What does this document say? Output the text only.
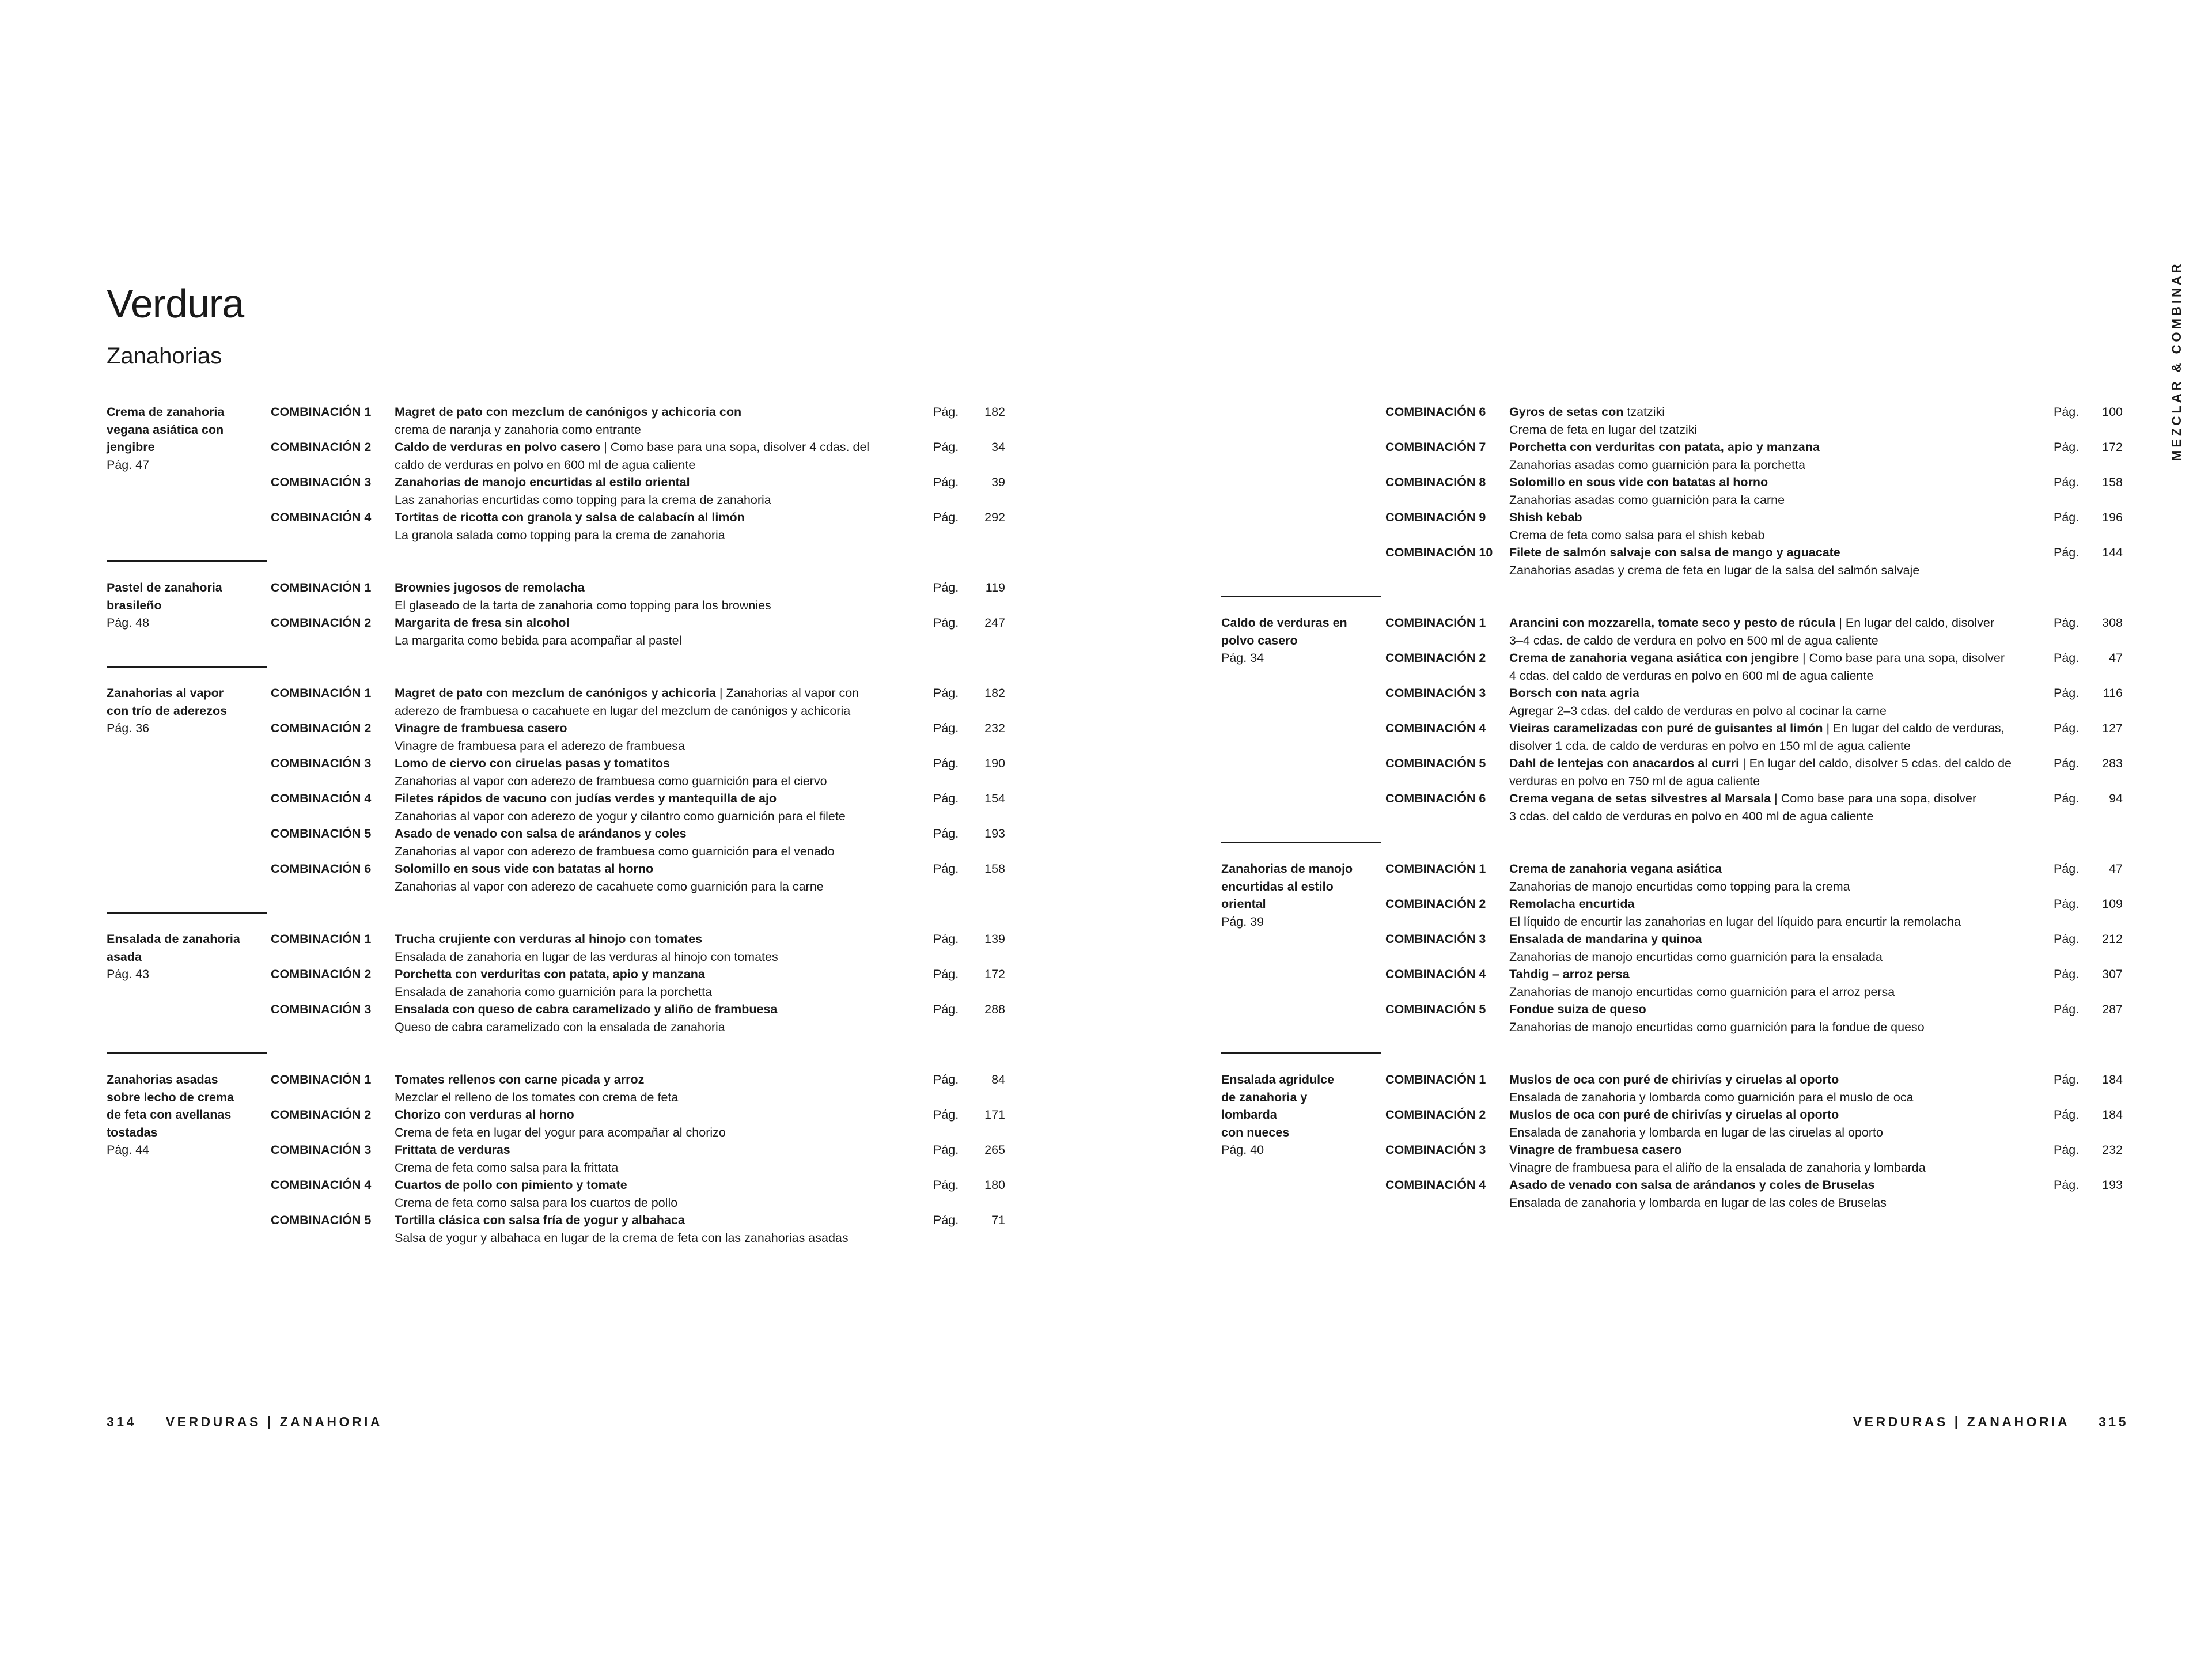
Verdura
Zanahorias	MEZCLAR & COMBINAR
Crema de zanahoria
vegana asiática con
jengibre
Pág. 47
COMBINACIÓN 1 Magret de pato con mezclum de canónigos y achicoria con
crema de naranja y zanahoria como entrante
Pág.	182
COMBINACIÓN 2 Caldo de verduras en polvo casero | Como base para una sopa, disolver 4 cdas. del
caldo de verduras en polvo en 600 ml de agua caliente
Pág.	34
COMBINACIÓN 3 Zanahorias de manojo encurtidas al estilo oriental
Las zanahorias encurtidas como topping para la crema de zanahoria
Pág.	39
COMBINACIÓN 4 Tortitas de ricotta con granola y salsa de calabacín al limón
La granola salada como topping para la crema de zanahoria
Pág.	292
Pastel de zanahoria
brasileño
Pág. 48
COMBINACIÓN 1 Brownies jugosos de remolacha
El glaseado de la tarta de zanahoria como topping para los brownies
Pág.	119
COMBINACIÓN 2 Margarita de fresa sin alcohol
La margarita como bebida para acompañar al pastel
Pág.	247
Zanahorias al vapor
con trío de aderezos
Pág. 36
COMBINACIÓN 1 Magret de pato con mezclum de canónigos y achicoria | Zanahorias al vapor con
aderezo de frambuesa o cacahuete en lugar del mezclum de canónigos y achicoria
Pág.	182
COMBINACIÓN 2 Vinagre de frambuesa casero
Vinagre de frambuesa para el aderezo de frambuesa
Pág.	232
COMBINACIÓN 3 Lomo de ciervo con ciruelas pasas y tomatitos
Zanahorias al vapor con aderezo de frambuesa como guarnición para el ciervo
Pág.	190
COMBINACIÓN 4 Filetes rápidos de vacuno con judías verdes y mantequilla de ajo
Zanahorias al vapor con aderezo de yogur y cilantro como guarnición para el filete
Pág.	154
COMBINACIÓN 5 Asado de venado con salsa de arándanos y coles
Zanahorias al vapor con aderezo de frambuesa como guarnición para el venado
Pág.	193
COMBINACIÓN 6 Solomillo en sous vide con batatas al horno
Zanahorias al vapor con aderezo de cacahuete como guarnición para la carne
Pág.	158
Ensalada de zanahoria
asada
Pág. 43
COMBINACIÓN 1 Trucha crujiente con verduras al hinojo con tomates
Ensalada de zanahoria en lugar de las verduras al hinojo con tomates
Pág.	139
COMBINACIÓN 2 Porchetta con verduritas con patata, apio y manzana
Ensalada de zanahoria como guarnición para la porchetta
Pág.	172
COMBINACIÓN 3 Ensalada con queso de cabra caramelizado y aliño de frambuesa
Queso de cabra caramelizado con la ensalada de zanahoria
Pág.	288
Zanahorias asadas
sobre lecho de crema
de feta con avellanas
tostadas
Pág. 44
COMBINACIÓN 1 Tomates rellenos con carne picada y arroz
Mezclar el relleno de los tomates con crema de feta
Pág.	84
COMBINACIÓN 2 Chorizo con verduras al horno
Crema de feta en lugar del yogur para acompañar al chorizo
Pág.	171
COMBINACIÓN 3 Frittata de verduras
Crema de feta como salsa para la frittata
Pág.	265
COMBINACIÓN 4 Cuartos de pollo con pimiento y tomate
Crema de feta como salsa para los cuartos de pollo
Pág.	180
COMBINACIÓN 5 Tortilla clásica con salsa fría de yogur y albahaca
Salsa de yogur y albahaca en lugar de la crema de feta con las zanahorias asadas
Pág.	71
COMBINACIÓN 6 Gyros de setas con tzatziki
Crema de feta en lugar del tzatziki
Pág.	100
COMBINACIÓN 7 Porchetta con verduritas con patata, apio y manzana
Zanahorias asadas como guarnición para la porchetta
Pág.	172
COMBINACIÓN 8 Solomillo en sous vide con batatas al horno
Zanahorias asadas como guarnición para la carne
Pág.	158
COMBINACIÓN 9 Shish kebab
Crema de feta como salsa para el shish kebab
Pág.	196
COMBINACIÓN 10 Filete de salmón salvaje con salsa de mango y aguacate
Zanahorias asadas y crema de feta en lugar de la salsa del salmón salvaje
Pág.	144
Caldo de verduras en
polvo casero
Pág. 34
COMBINACIÓN 1 Arancini con mozzarella, tomate seco y pesto de rúcula | En lugar del caldo, disolver
3–4 cdas. de caldo de verdura en polvo en 500 ml de agua caliente
Pág.	308
COMBINACIÓN 2 Crema de zanahoria vegana asiática con jengibre | Como base para una sopa, disolver
4 cdas. del caldo de verduras en polvo en 600 ml de agua caliente
Pág.	47
COMBINACIÓN 3 Borsch con nata agria
Agregar 2–3 cdas. del caldo de verduras en polvo al cocinar la carne
Pág.	116
COMBINACIÓN 4 Vieiras caramelizadas con puré de guisantes al limón | En lugar del caldo de verduras,
disolver 1 cda. de caldo de verduras en polvo en 150 ml de agua caliente
Pág.	127
COMBINACIÓN 5 Dahl de lentejas con anacardos al curri | En lugar del caldo, disolver 5 cdas. del caldo de
verduras en polvo en 750 ml de agua caliente
Pág.	283
COMBINACIÓN 6 Crema vegana de setas silvestres al Marsala | Como base para una sopa, disolver
3 cdas. del caldo de verduras en polvo en 400 ml de agua caliente
Pág.	94
Zanahorias de manojo
encurtidas al estilo
oriental
Pág. 39
COMBINACIÓN 1 Crema de zanahoria vegana asiática
Zanahorias de manojo encurtidas como topping para la crema
Pág.	47
COMBINACIÓN 2 Remolacha encurtida
El líquido de encurtir las zanahorias en lugar del líquido para encurtir la remolacha
Pág.	109
COMBINACIÓN 3 Ensalada de mandarina y quinoa
Zanahorias de manojo encurtidas como guarnición para la ensalada
Pág.	212
COMBINACIÓN 4 Tahdig – arroz persa
Zanahorias de manojo encurtidas como guarnición para el arroz persa
Pág.	307
COMBINACIÓN 5 Fondue suiza de queso
Zanahorias de manojo encurtidas como guarnición para la fondue de queso
Pág.	287
Ensalada agridulce
de zanahoria y
lombarda
con nueces
Pág. 40
COMBINACIÓN 1 Muslos de oca con puré de chirivías y ciruelas al oporto
Ensalada de zanahoria y lombarda como guarnición para el muslo de oca
Pág.	184
COMBINACIÓN 2 Muslos de oca con puré de chirivías y ciruelas al oporto
Ensalada de zanahoria y lombarda en lugar de las ciruelas al oporto
Pág.	184
COMBINACIÓN 3 Vinagre de frambuesa casero
Vinagre de frambuesa para el aliño de la ensalada de zanahoria y lombarda
Pág.	232
COMBINACIÓN 4 Asado de venado con salsa de arándanos y coles de Bruselas
Ensalada de zanahoria y lombarda en lugar de las coles de Bruselas
Pág.	193
314 VERDURAS | ZANAHORIA	VERDURAS | ZANAHORIA 315
